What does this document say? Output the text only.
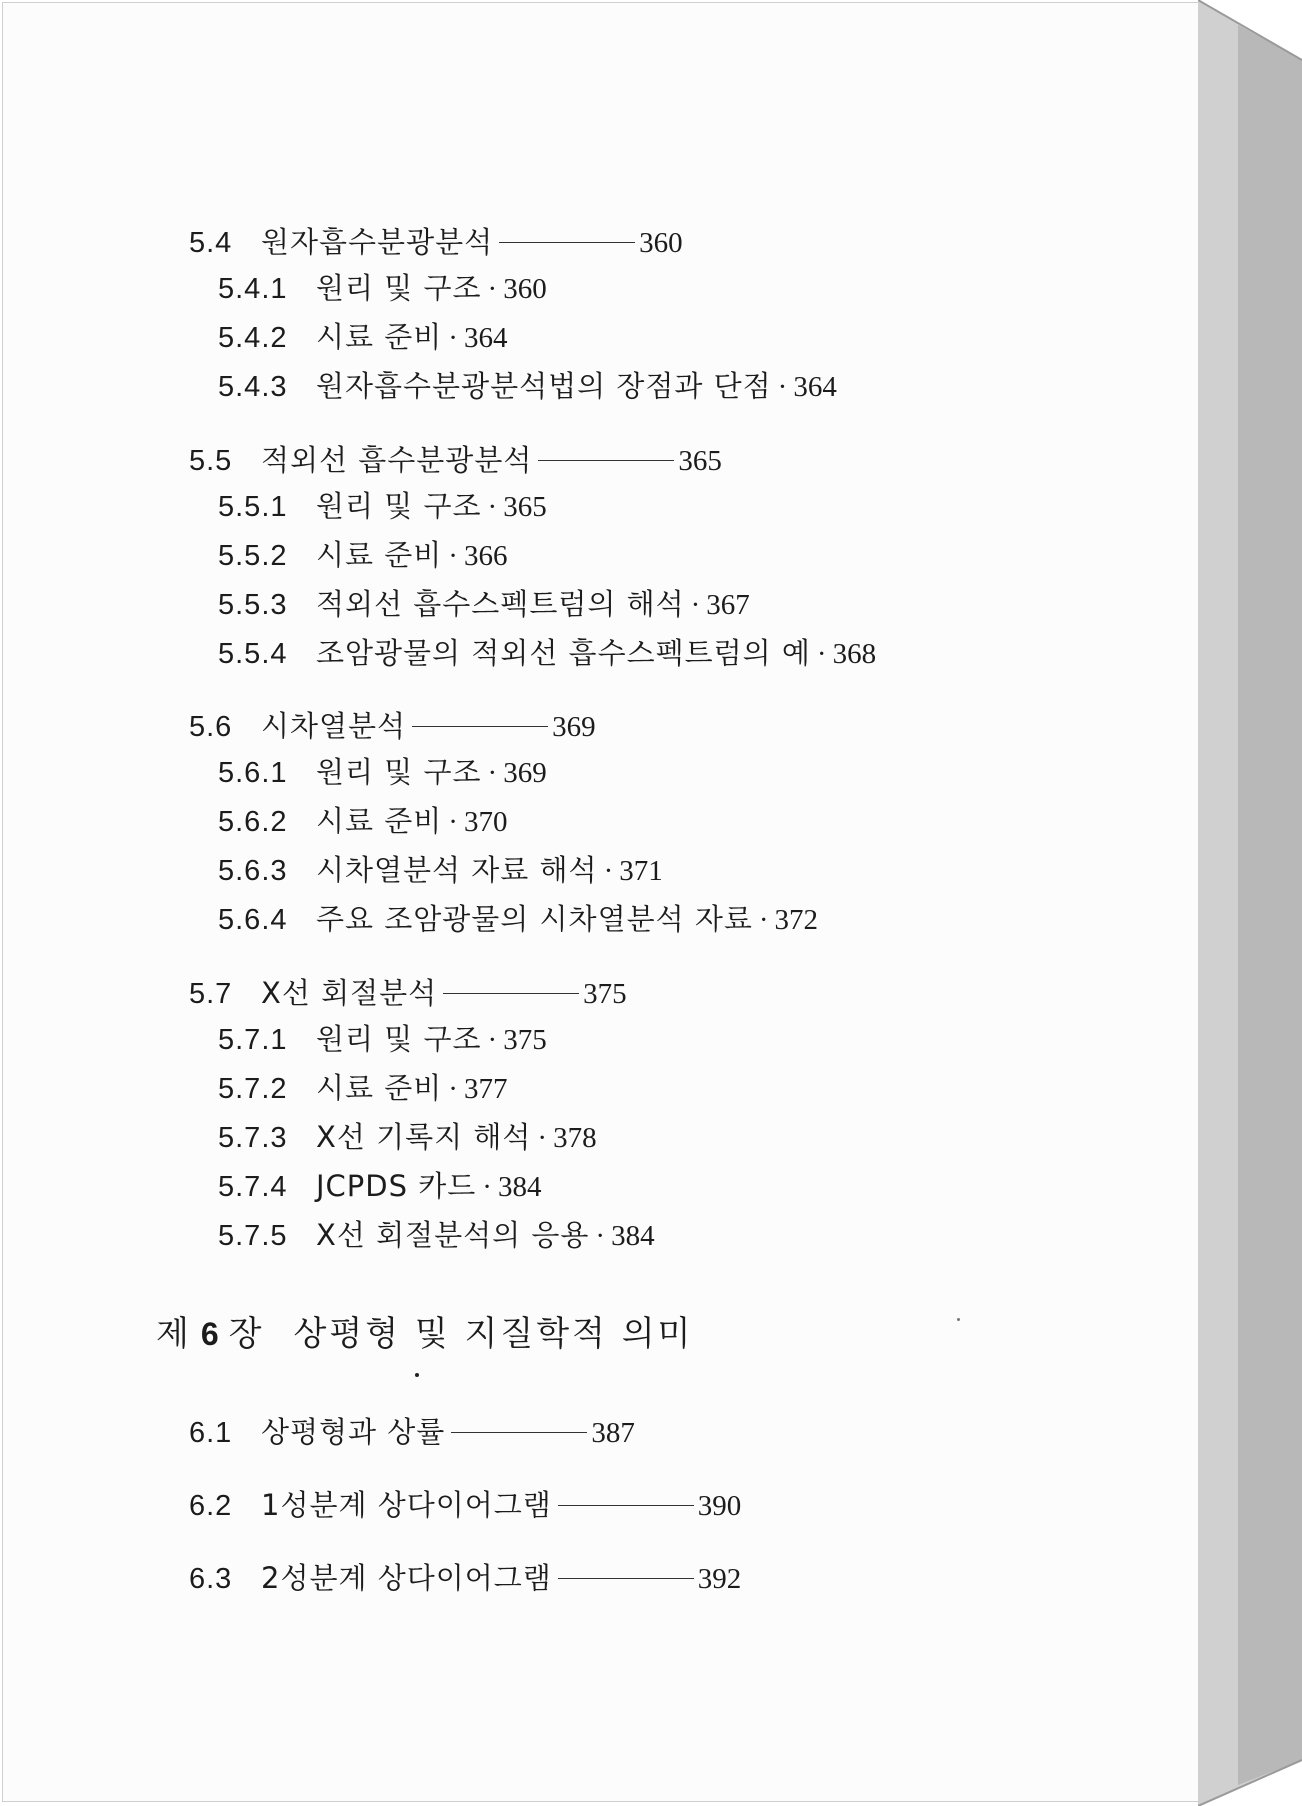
5.4 원자흡수분광분석	360
5.4.1 원리 및 구조 · 360
5.4.2 시료 준비 · 364
5.4.3 원자흡수분광분석법의 장점과 단점 · 364
5.5 적외선 흡수분광분석	365
5.5.1 원리 및 구조 · 365
5.5.2 시료 준비 · 366
5.5.3 적외선 흡수스펙트럼의 해석 · 367
5.5.4 조암광물의 적외선 흡수스펙트럼의 예 · 368
5.6 시차열분석	369
5.6.1 원리 및 구조 · 369
5.6.2 시료 준비 · 370
5.6.3 시차열분석 자료 해석 · 371
5.6.4 주요 조암광물의 시차열분석 자료 · 372
5.7 X선 회절분석	375
5.7.1 원리 및 구조 · 375
5.7.2 시료 준비 · 377
5.7.3 X선 기록지 해석 · 378
5.7.4 JCPDS 카드 · 384
5.7.5 X선 회절분석의 응용 · 384
제 6 장 상평형 및 지질학적 의미
6.1 상평형과 상률	387
6.2 1성분계 상다이어그램	390
6.3 2성분계 상다이어그램	392
